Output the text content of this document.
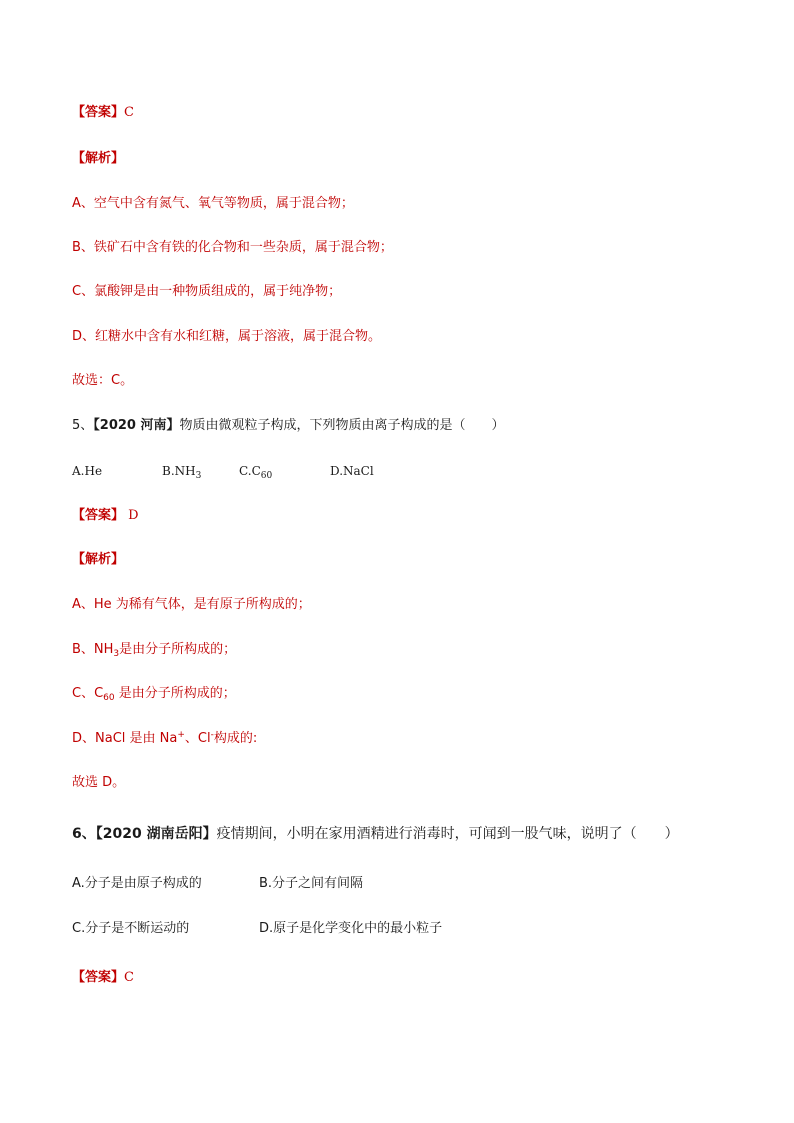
【答案】C
【解析】
A、空气中含有氮气、氧气等物质，属于混合物；
B、铁矿石中含有铁的化合物和一些杂质，属于混合物；
C、氯酸钾是由一种物质组成的，属于纯净物；
D、红糖水中含有水和红糖，属于溶液，属于混合物。
故选：C。
5、【2020 河南】物质由微观粒子构成，下列物质由离子构成的是（　　）
A.He	$B.NH_3$	$C.C_{60}$	D.NaCl
【答案】 D
【解析】
A、He 为稀有气体，是有原子所构成的；
B、$NH_3$是由分子所构成的；
C、$C_{60}$ 是由分子所构成的；
D、NaCl 是由 Na+、Cl-构成的:
故选 D。
6、【2020 湖南岳阳】疫情期间，小明在家用酒精进行消毒时，可闻到一股气味，说明了（　　）
A.分子是由原子构成的	B.分子之间有间隔
C.分子是不断运动的	D.原子是化学变化中的最小粒子
【答案】C
